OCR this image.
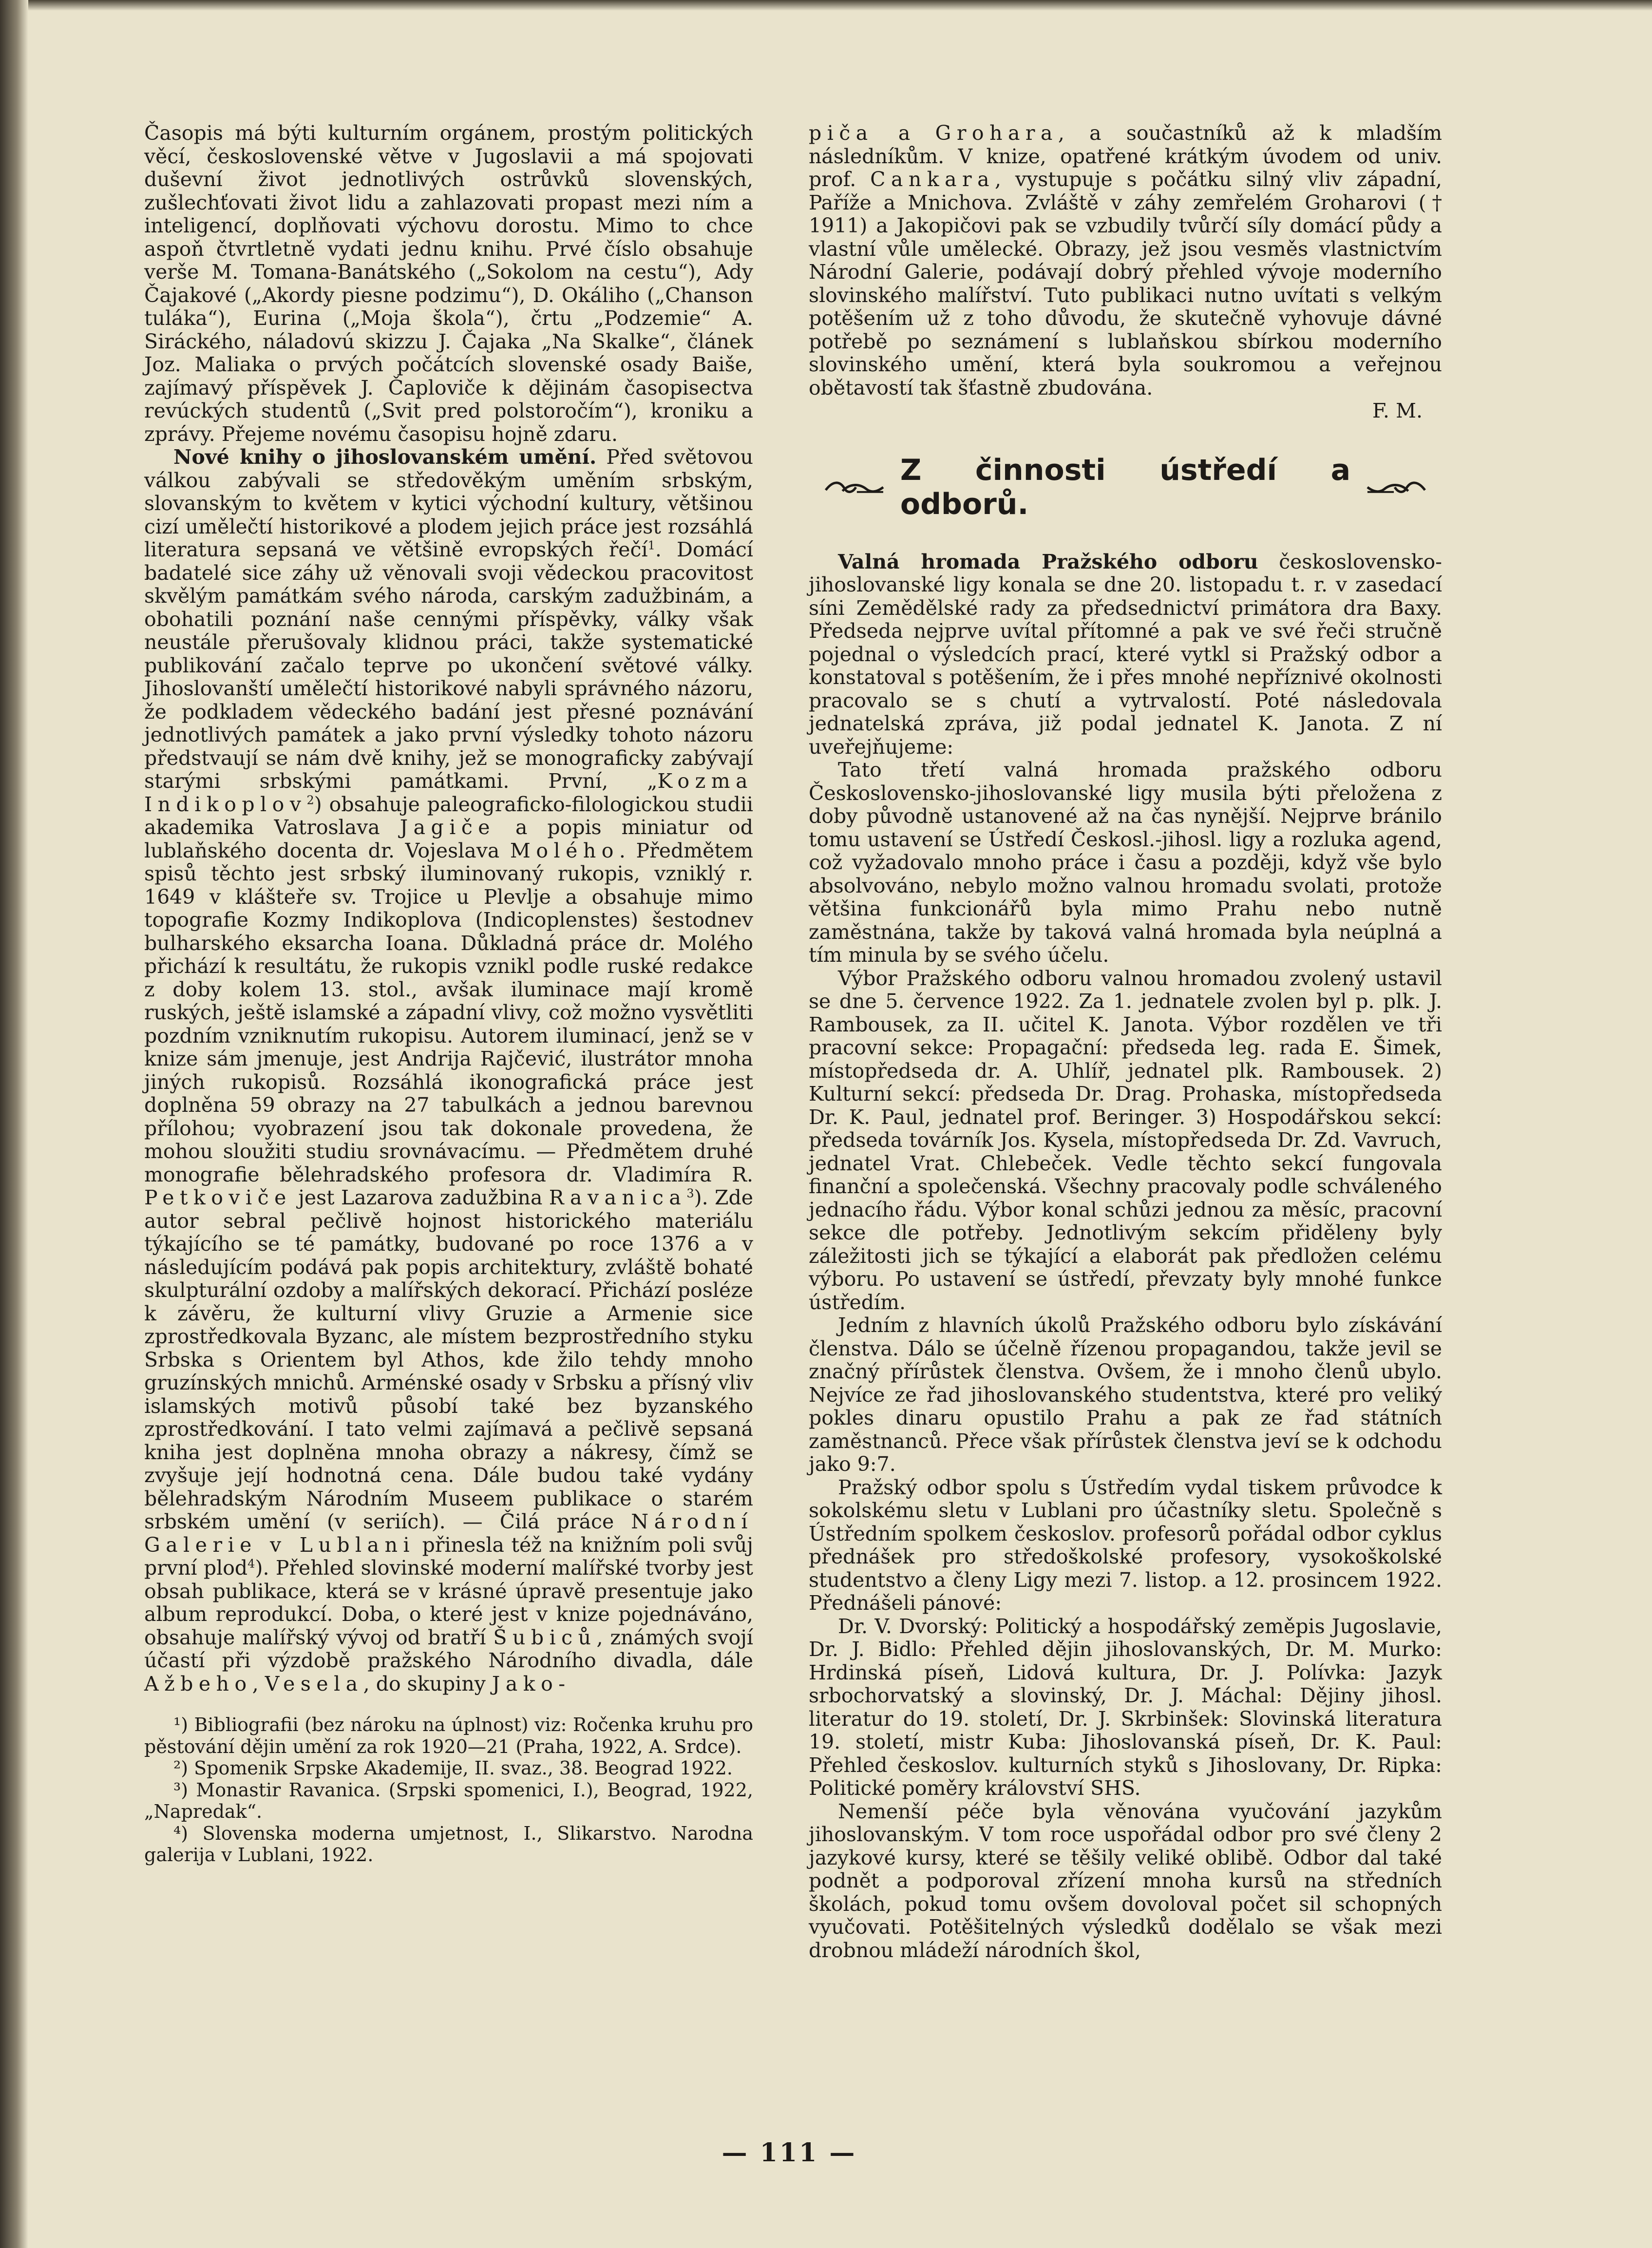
Časopis má býti kulturním orgánem, prostým politických věcí, československé větve v Jugoslavii a má spojovati duševní život jednotlivých ostrůvků slovenských, zušlechťovati život lidu a zahlazovati propast mezi ním a inteligencí, doplňovati výchovu dorostu. Mimo to chce aspoň čtvrtletně vydati jednu knihu. Prvé číslo obsahuje verše M. Tomana-Banátského („Sokolom na cestu“), Ady Čajakové („Akordy piesne podzimu“), D. Okáliho („Chanson tuláka“), Eurina („Moja škola“), črtu „Podzemie“ A. Siráckého, náladovú skizzu J. Čajaka „Na Skalke“, článek Joz. Maliaka o prvých počátcích slovenské osady Baiše, zajímavý příspěvek J. Čaploviče k dějinám časopisectva revúckých studentů („Svit pred polstoročím“), kroniku a zprávy. Přejeme novému časopisu hojně zdaru.

Nové knihy o jihoslovanském umění. Před světovou válkou zabývali se středověkým uměním srbským, slovanským to květem v kytici východní kultury, většinou cizí umělečtí historikové a plodem jejich práce jest rozsáhlá literatura sepsaná ve většině evropských řečí$^1$. Domácí badatelé sice záhy už věnovali svoji vědeckou pracovitost skvělým památkám svého národa, carským zadužbinám, a obohatili poznání naše cennými příspěvky, války však neustále přerušovaly klidnou práci, takže systematické publikování začalo teprve po ukončení světové války. Jihoslovanští umělečtí historikové nabyli správného názoru, že podkladem vědeckého badání jest přesné poznávání jednotlivých památek a jako první výsledky tohoto názoru předstvaují se nám dvě knihy, jež se monograficky zabývají starými srbskými památkami. První, „Kozma Indikoplov$^2$) obsahuje paleograficko-filologickou studii akademika Vatroslava Jagiče a popis miniatur od lublaňského docenta dr. Vojeslava Molého. Předmětem spisů těchto jest srbský iluminovaný rukopis, vzniklý r. 1649 v klášteře sv. Trojice u Plevlje a obsahuje mimo topografie Kozmy Indikoplova (Indicoplenstes) šestodnev bulharského eksarcha Ioana. Důkladná práce dr. Molého přichází k resultátu, že rukopis vznikl podle ruské redakce z doby kolem 13. stol., avšak iluminace mají kromě ruských, ještě islamské a západní vlivy, což možno vysvětliti pozdním vzniknutím rukopisu. Autorem iluminací, jenž se v knize sám jmenuje, jest Andrija Rajčević, ilustrátor mnoha jiných rukopisů. Rozsáhlá ikonografická práce jest doplněna 59 obrazy na 27 tabulkách a jednou barevnou přílohou; vyobrazení jsou tak dokonale provedena, že mohou sloužiti studiu srovnávacímu. — Předmětem druhé monografie bělehradského profesora dr. Vladimíra R. Petkoviče jest Lazarova zadužbina Ravanica$^3$). Zde autor sebral pečlivě hojnost historického materiálu týkajícího se té památky, budované po roce 1376 a v následujícím podává pak popis architektury, zvláště bohaté skulpturální ozdoby a malířských dekorací. Přichází posléze k závěru, že kulturní vlivy Gruzie a Armenie sice zprostředkovala Byzanc, ale místem bezprostředního styku Srbska s Orientem byl Athos, kde žilo tehdy mnoho gruzínských mnichů. Arménské osady v Srbsku a přísný vliv islamských motivů působí také bez byzanského zprostředkování. I tato velmi zajímavá a pečlivě sepsaná kniha jest doplněna mnoha obrazy a nákresy, čímž se zvyšuje její hodnotná cena. Dále budou také vydány bělehradským Národním Museem publikace o starém srbském umění (v seriích). — Čilá práce Národní Galerie v Lublani přinesla též na knižním poli svůj první plod$^4$). Přehled slovinské moderní malířské tvorby jest obsah publikace, která se v krásné úpravě presentuje jako album reprodukcí. Doba, o které jest v knize pojednáváno, obsahuje malířský vývoj od bratří Šubiců, známých svojí účastí při výzdobě pražského Národního divadla, dále Ažbeho, Vesela, do skupiny Jako-

¹) Bibliografii (bez nároku na úplnost) viz: Ročenka kruhu pro pěstování dějin umění za rok 1920—21 (Praha, 1922, A. Srdce).

²) Spomenik Srpske Akademije, II. svaz., 38. Beograd 1922.

³) Monastir Ravanica. (Srpski spomenici, I.), Beograd, 1922, „Napredak“.

⁴) Slovenska moderna umjetnost, I., Slikarstvo. Narodna galerija v Lublani, 1922.

piča a Grohara, a součastníků až k mladším následníkům. V knize, opatřené krátkým úvodem od univ. prof. Cankara, vystupuje s počátku silný vliv západní, Paříže a Mnichova. Zvláště v záhy zemřelém Groharovi († 1911) a Jakopičovi pak se vzbudily tvůrčí síly domácí půdy a vlastní vůle umělecké. Obrazy, jež jsou vesměs vlastnictvím Národní Galerie, podávají dobrý přehled vývoje moderního slovinského malířství. Tuto publikaci nutno uvítati s velkým potěšením už z toho důvodu, že skutečně vyhovuje dávné potřebě po seznámení s lublaňskou sbírkou moderního slovinského umění, která byla soukromou a veřejnou obětavostí tak šťastně zbudována.

F. M.
Z činnosti ústředí a odborů.

Valná hromada Pražského odboru československo-jihoslovanské ligy konala se dne 20. listopadu t. r. v zasedací síni Zemědělské rady za předsednictví primátora dra Baxy. Předseda nejprve uvítal přítomné a pak ve své řeči stručně pojednal o výsledcích prací, které vytkl si Pražský odbor a konstatoval s potěšením, že i přes mnohé nepříznivé okolnosti pracovalo se s chutí a vytrvalostí. Poté následovala jednatelská zpráva, již podal jednatel K. Janota. Z ní uveřejňujeme:

Tato třetí valná hromada pražského odboru Československo-jihoslovanské ligy musila býti přeložena z doby původně ustanovené až na čas nynější. Nejprve bránilo tomu ustavení se Ústředí Českosl.-jihosl. ligy a rozluka agend, což vyžadovalo mnoho práce i času a později, když vše bylo absolvováno, nebylo možno valnou hromadu svolati, protože většina funkcionářů byla mimo Prahu nebo nutně zaměstnána, takže by taková valná hromada byla neúplná a tím minula by se svého účelu.

Výbor Pražského odboru valnou hromadou zvolený ustavil se dne 5. července 1922. Za 1. jednatele zvolen byl p. plk. J. Rambousek, za II. učitel K. Janota. Výbor rozdělen ve tři pracovní sekce: Propagační: předseda leg. rada E. Šimek, místopředseda dr. A. Uhlíř, jednatel plk. Rambousek. 2) Kulturní sekcí: předseda Dr. Drag. Prohaska, místopředseda Dr. K. Paul, jednatel prof. Beringer. 3) Hospodářskou sekcí: předseda továrník Jos. Kysela, místopředseda Dr. Zd. Vavruch, jednatel Vrat. Chlebeček. Vedle těchto sekcí fungovala finanční a společenská. Všechny pracovaly podle schváleného jednacího řádu. Výbor konal schůzi jednou za měsíc, pracovní sekce dle potřeby. Jednotlivým sekcím přiděleny byly záležitosti jich se týkající a elaborát pak předložen celému výboru. Po ustavení se ústředí, převzaty byly mnohé funkce ústředím.

Jedním z hlavních úkolů Pražského odboru bylo získávání členstva. Dálo se účelně řízenou propagandou, takže jevil se značný přírůstek členstva. Ovšem, že i mnoho členů ubylo. Nejvíce ze řad jihoslovanského studentstva, které pro veliký pokles dinaru opustilo Prahu a pak ze řad státních zaměstnanců. Přece však přírůstek členstva jeví se k odchodu jako 9:7.

Pražský odbor spolu s Ústředím vydal tiskem průvodce k sokolskému sletu v Lublani pro účastníky sletu. Společně s Ústředním spolkem českoslov. profesorů pořádal odbor cyklus přednášek pro středoškolské profesory, vysokoškolské studentstvo a členy Ligy mezi 7. listop. a 12. prosincem 1922. Přednášeli pánové:

Dr. V. Dvorský: Politický a hospodářský zeměpis Jugoslavie, Dr. J. Bidlo: Přehled dějin jihoslovanských, Dr. M. Murko: Hrdinská píseň, Lidová kultura, Dr. J. Polívka: Jazyk srbochorvatský a slovinský, Dr. J. Máchal: Dějiny jihosl. literatur do 19. století, Dr. J. Skrbinšek: Slovinská literatura 19. století, mistr Kuba: Jihoslovanská píseň, Dr. K. Paul: Přehled českoslov. kulturních styků s Jihoslovany, Dr. Ripka: Politické poměry království SHS.

Nemenší péče byla věnována vyučování jazykům jihoslovanským. V tom roce uspořádal odbor pro své členy 2 jazykové kursy, které se těšily veliké oblibě. Odbor dal také podnět a podporoval zřízení mnoha kursů na středních školách, pokud tomu ovšem dovoloval počet sil schopných vyučovati. Potěšitelných výsledků dodělalo se však mezi drobnou mládeží národních škol,

— 111 —
